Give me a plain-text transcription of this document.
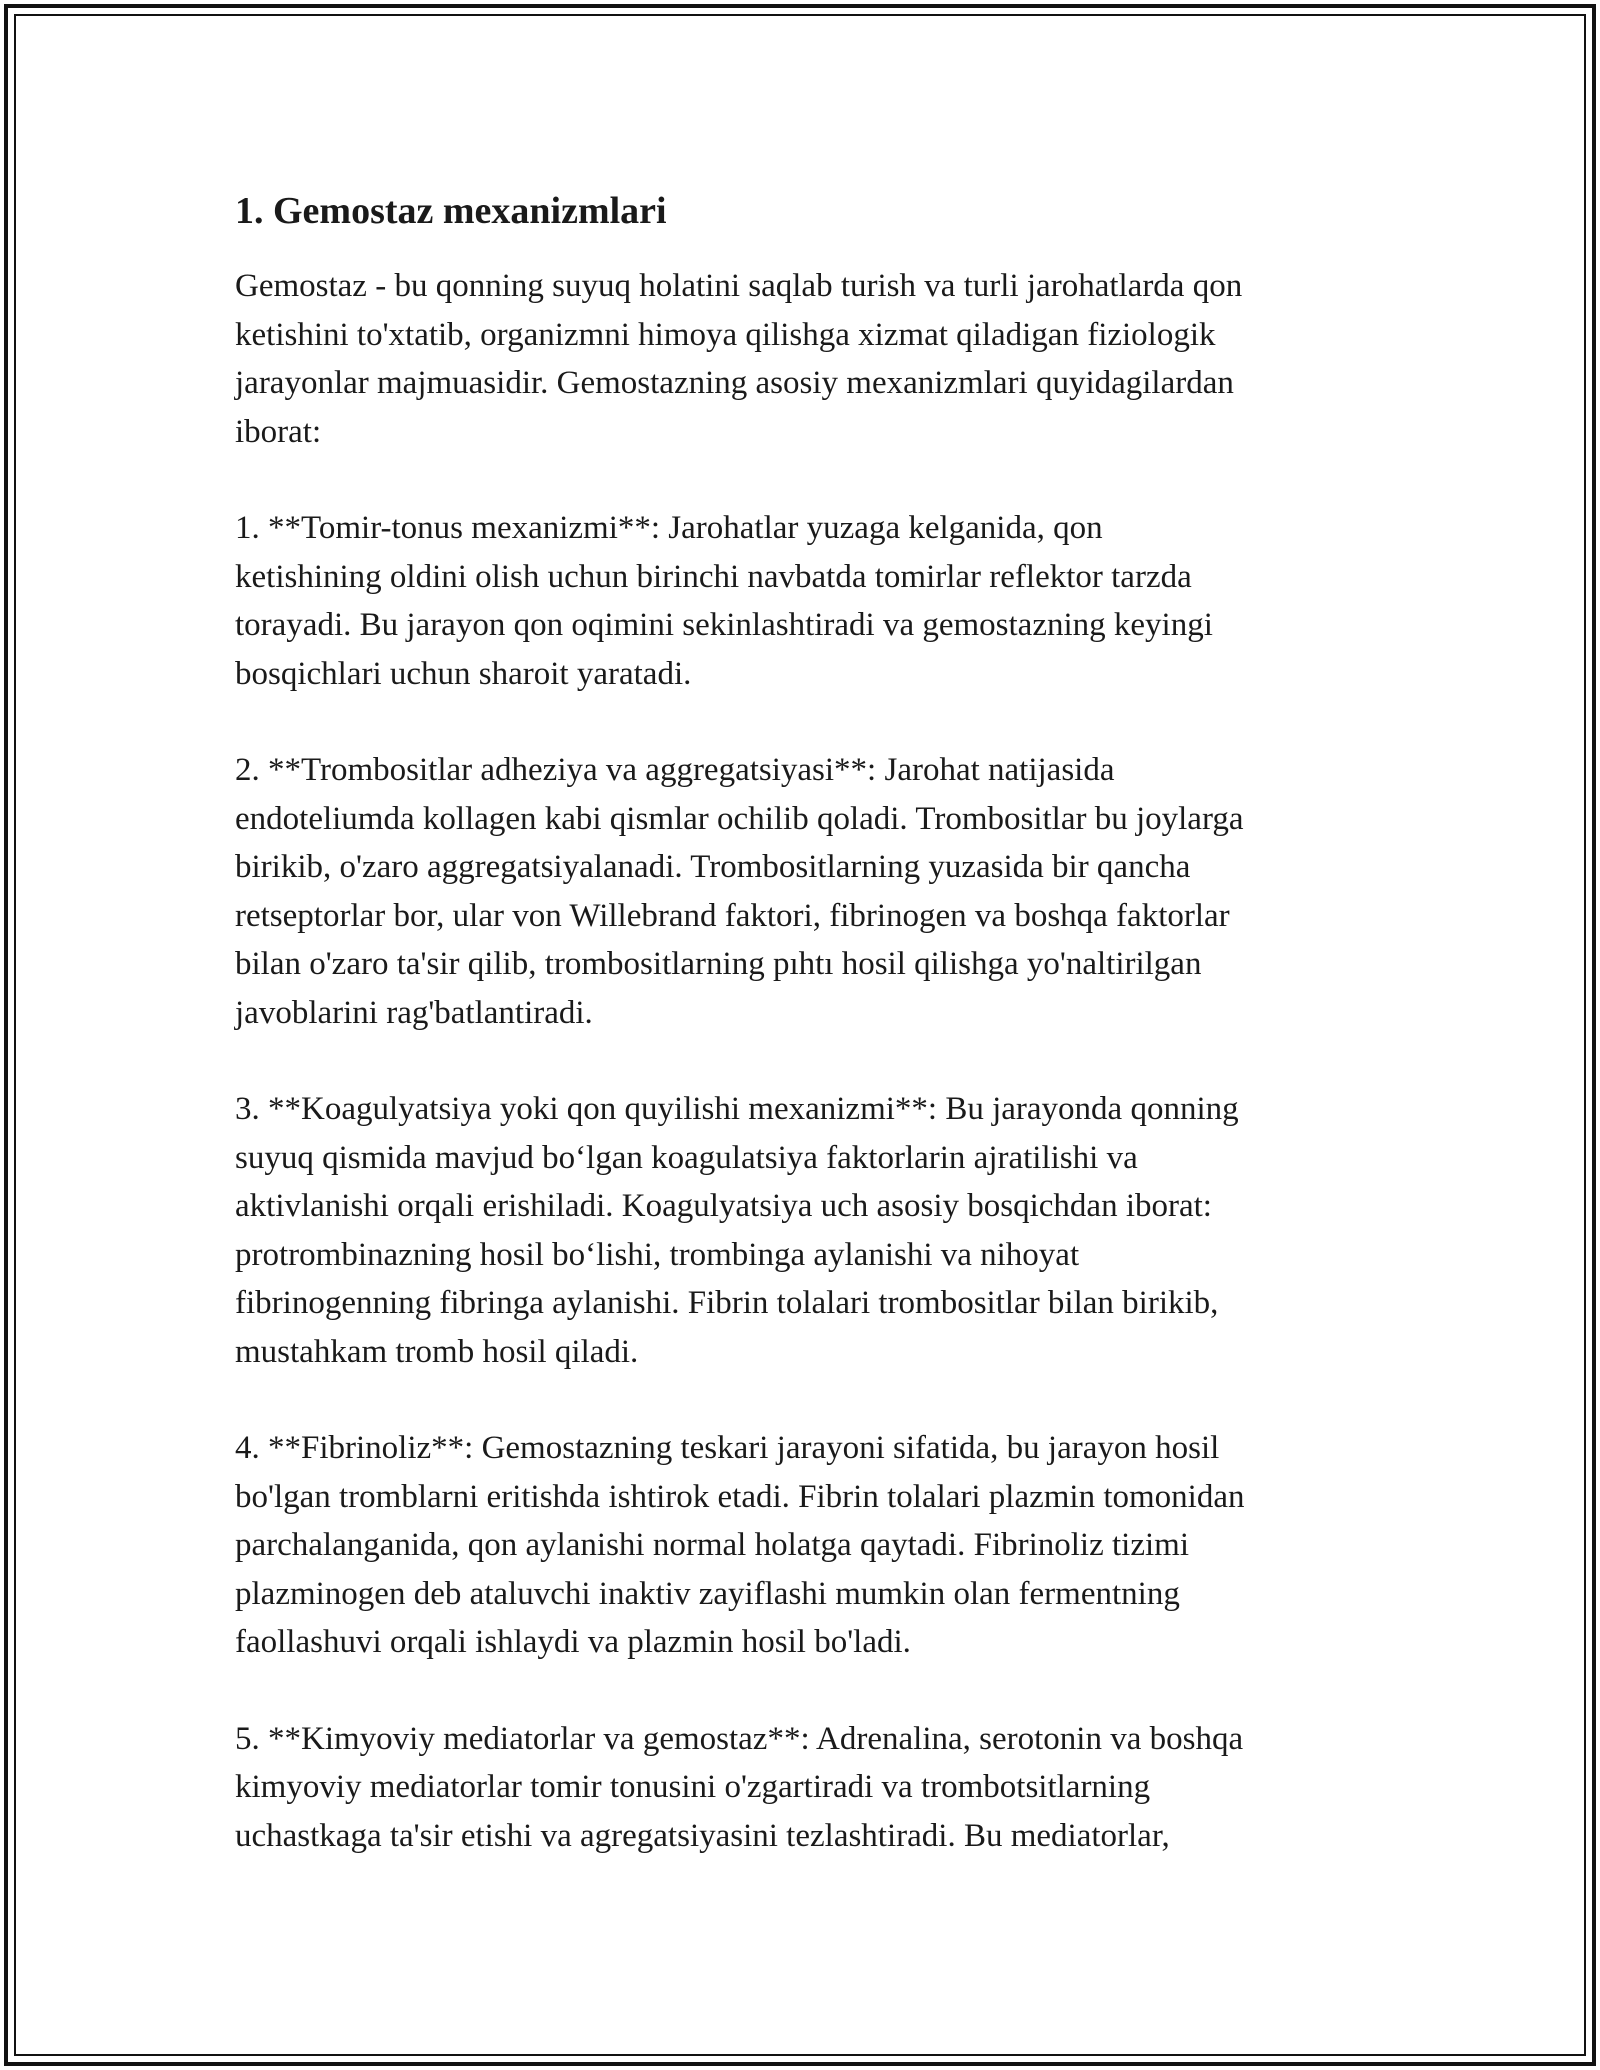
1. Gemostaz mexanizmlari

Gemostaz - bu qonning suyuq holatini saqlab turish va turli jarohatlarda qon
ketishini to'xtatib, organizmni himoya qilishga xizmat qiladigan fiziologik
jarayonlar majmuasidir. Gemostazning asosiy mexanizmlari quyidagilardan
iborat:

1. **Tomir-tonus mexanizmi**: Jarohatlar yuzaga kelganida, qon
ketishining oldini olish uchun birinchi navbatda tomirlar reflektor tarzda
torayadi. Bu jarayon qon oqimini sekinlashtiradi va gemostazning keyingi
bosqichlari uchun sharoit yaratadi.

2. **Trombositlar adheziya va aggregatsiyasi**: Jarohat natijasida
endoteliumda kollagen kabi qismlar ochilib qoladi. Trombositlar bu joylarga
birikib, o'zaro aggregatsiyalanadi. Trombositlarning yuzasida bir qancha
retseptorlar bor, ular von Willebrand faktori, fibrinogen va boshqa faktorlar
bilan o'zaro ta'sir qilib, trombositlarning pıhtı hosil qilishga yo'naltirilgan
javoblarini rag'batlantiradi.

3. **Koagulyatsiya yoki qon quyilishi mexanizmi**: Bu jarayonda qonning
suyuq qismida mavjud bo‘lgan koagulatsiya faktorlarin ajratilishi va
aktivlanishi orqali erishiladi. Koagulyatsiya uch asosiy bosqichdan iborat:
protrombinazning hosil bo‘lishi, trombinga aylanishi va nihoyat
fibrinogenning fibringa aylanishi. Fibrin tolalari trombositlar bilan birikib,
mustahkam tromb hosil qiladi.

4. **Fibrinoliz**: Gemostazning teskari jarayoni sifatida, bu jarayon hosil
bo'lgan tromblarni eritishda ishtirok etadi. Fibrin tolalari plazmin tomonidan
parchalanganida, qon aylanishi normal holatga qaytadi. Fibrinoliz tizimi
plazminogen deb ataluvchi inaktiv zayiflashi mumkin olan fermentning
faollashuvi orqali ishlaydi va plazmin hosil bo'ladi.

5. **Kimyoviy mediatorlar va gemostaz**: Adrenalina, serotonin va boshqa
kimyoviy mediatorlar tomir tonusini o'zgartiradi va trombotsitlarning
uchastkaga ta'sir etishi va agregatsiyasini tezlashtiradi. Bu mediatorlar,
